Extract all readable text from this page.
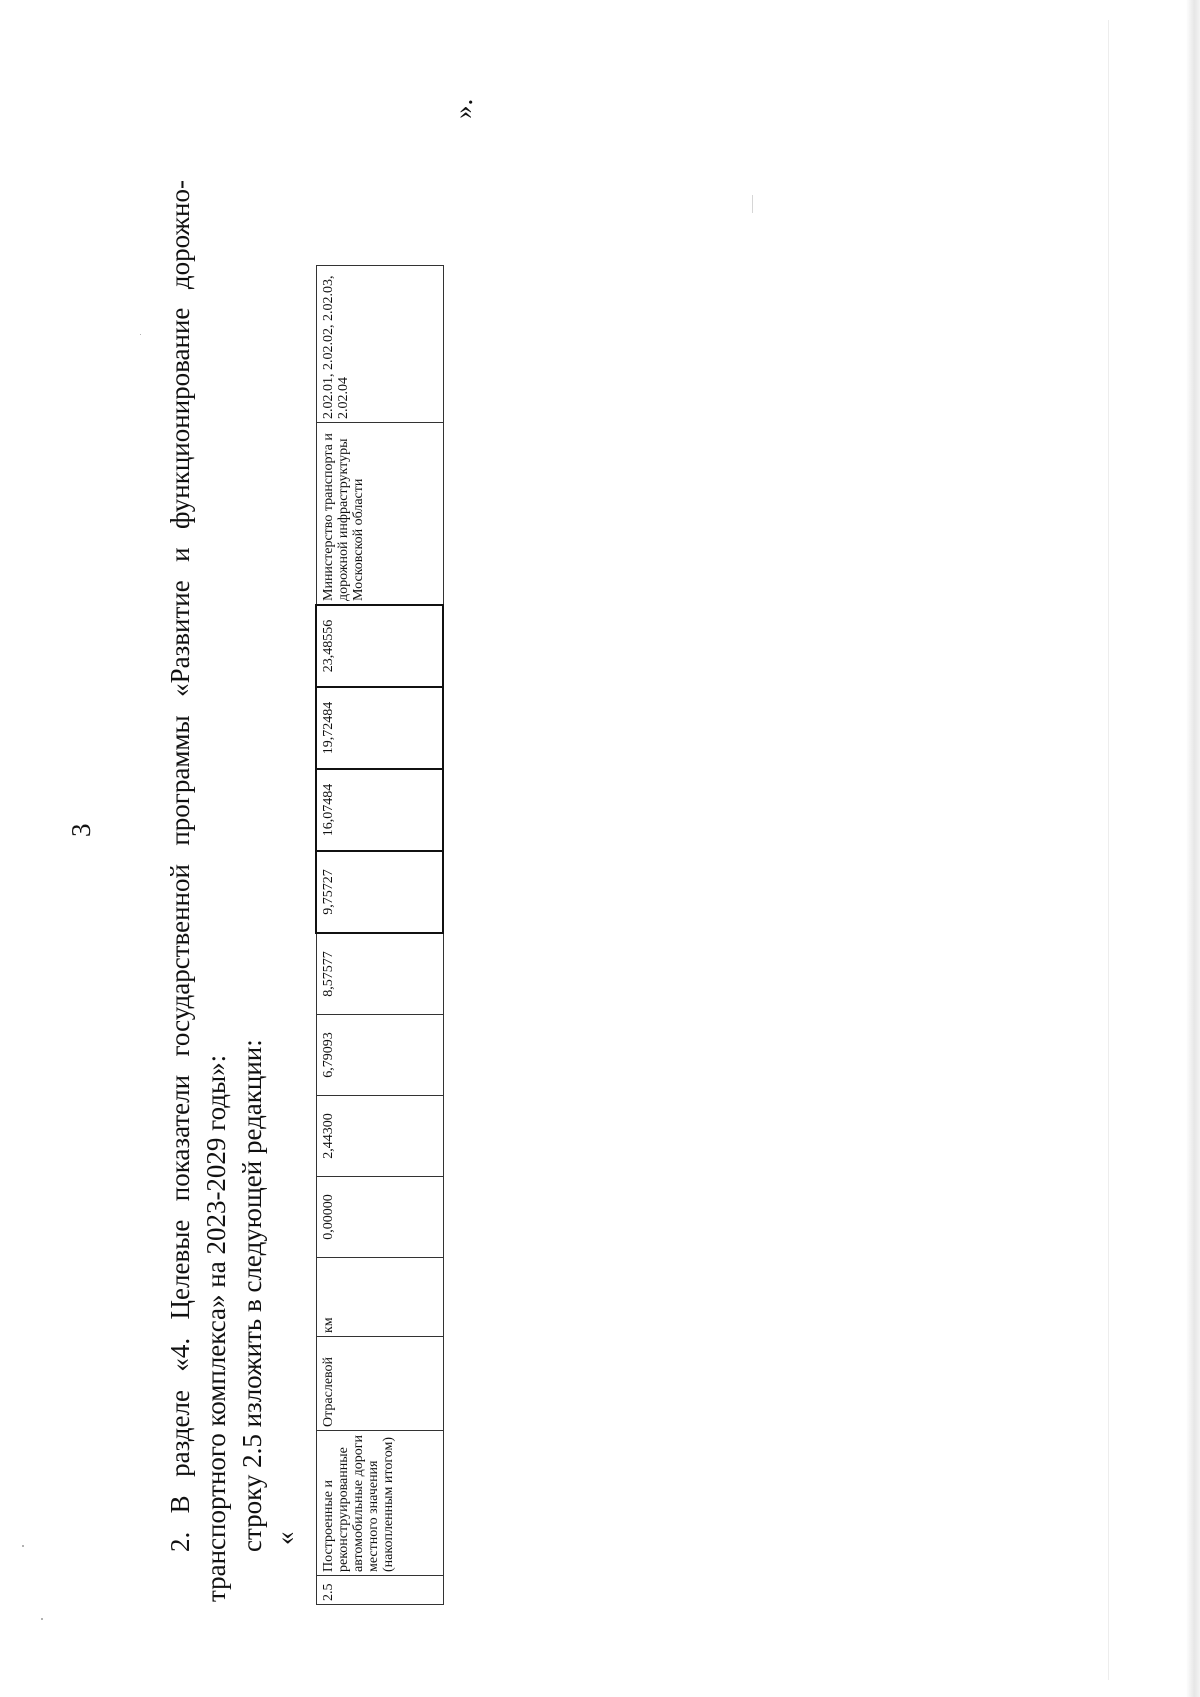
3	2. В разделе «4. Целевые показатели государственной программы «Развитие и функционирование дорожно- транспортного комплекса» на 2023-2029 годы»: строку 2.5 изложить в следующей редакции: «
2.5	Построенные и реконструированные автомобильные дороги местного значения (накопленным итогом)	Отраслевой	км	0,00000	2,44300	6,79093	8,57577	9,75727	16,07484	19,72484	23,48556	Министерство транспорта и дорожной инфраструктуры Московской области	2.02.01, 2.02.02, 2.02.03, 2.02.04
».
